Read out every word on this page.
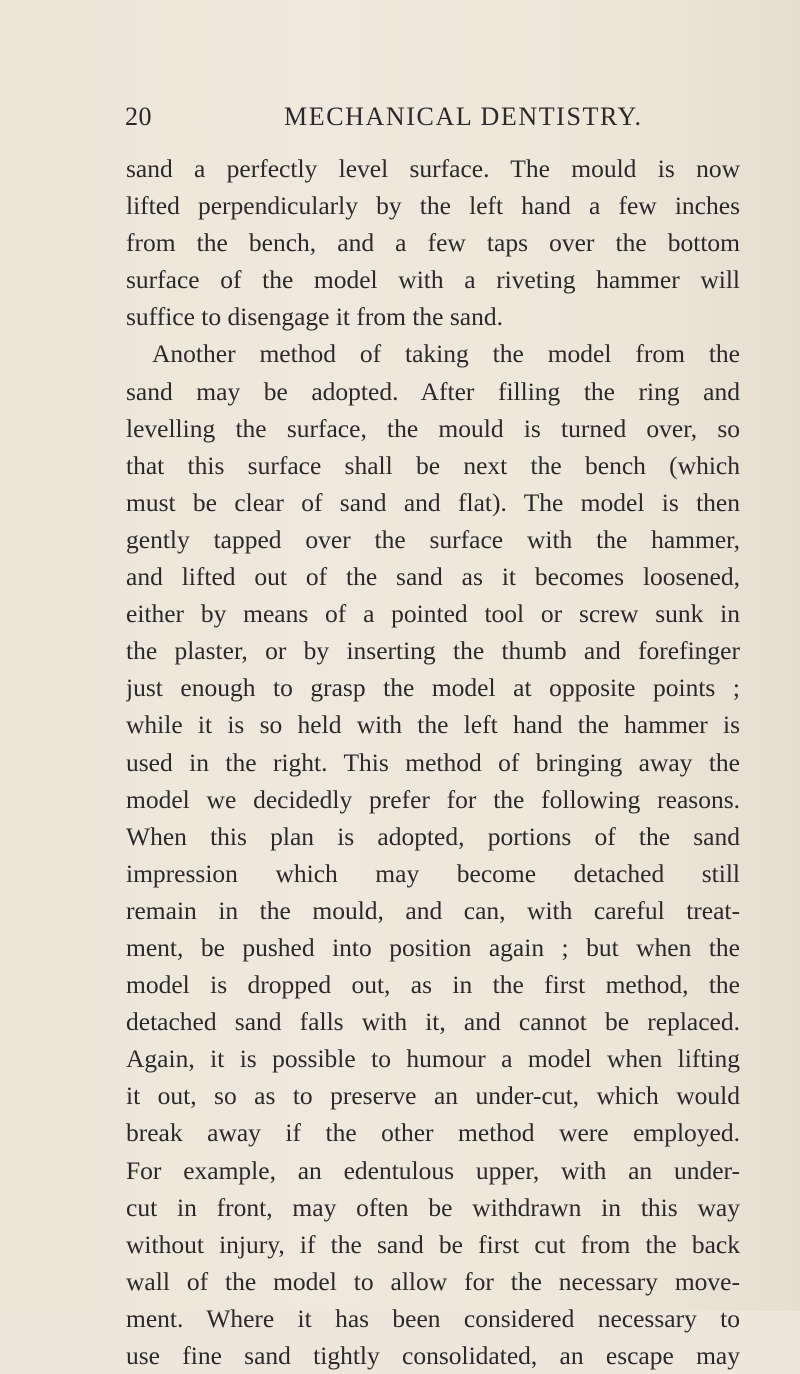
20	MECHANICAL DENTISTRY.
sand a perfectly level surface. The mould is now
lifted perpendicularly by the left hand a few inches
from the bench, and a few taps over the bottom
surface of the model with a riveting hammer will
suffice to disengage it from the sand.
Another method of taking the model from the
sand may be adopted. After filling the ring and
levelling the surface, the mould is turned over, so
that this surface shall be next the bench (which
must be clear of sand and flat). The model is then
gently tapped over the surface with the hammer,
and lifted out of the sand as it becomes loosened,
either by means of a pointed tool or screw sunk in
the plaster, or by inserting the thumb and forefinger
just enough to grasp the model at opposite points ;
while it is so held with the left hand the hammer is
used in the right. This method of bringing away the
model we decidedly prefer for the following reasons.
When this plan is adopted, portions of the sand
impression which may become detached still
remain in the mould, and can, with careful treat-
ment, be pushed into position again ; but when the
model is dropped out, as in the first method, the
detached sand falls with it, and cannot be replaced.
Again, it is possible to humour a model when lifting
it out, so as to preserve an under-cut, which would
break away if the other method were employed.
For example, an edentulous upper, with an under-
cut in front, may often be withdrawn in this way
without injury, if the sand be first cut from the back
wall of the model to allow for the necessary move-
ment. Where it has been considered necessary to
use fine sand tightly consolidated, an escape may
